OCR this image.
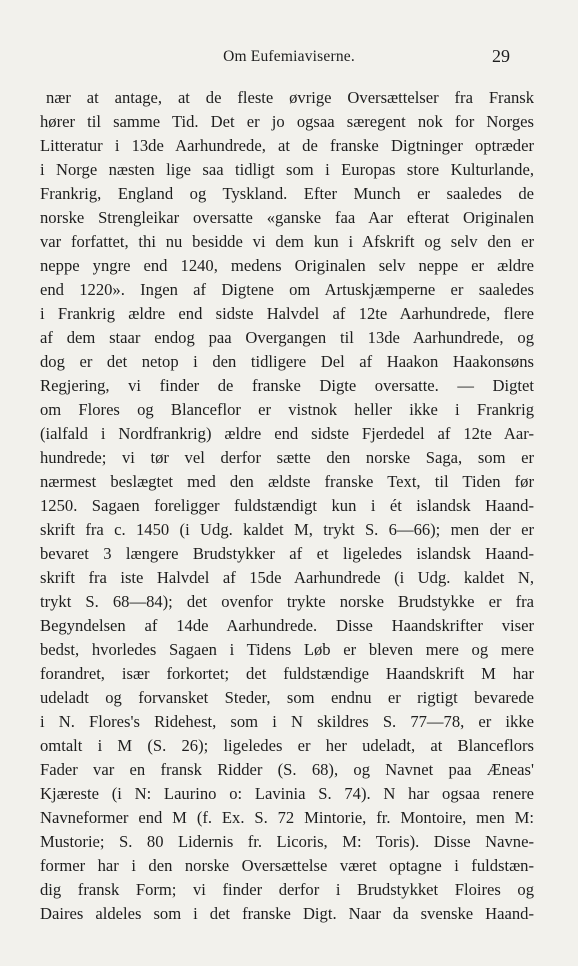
Om Eufemiaviserne.	29
nær at antage, at de fleste øvrige Oversættelser fra Fransk
hører til samme Tid. Det er jo ogsaa særegent nok for Norges
Litteratur i 13de Aarhundrede, at de franske Digtninger optræder
i Norge næsten lige saa tidligt som i Europas store Kulturlande,
Frankrig, England og Tyskland. Efter Munch er saaledes de
norske Strengleikar oversatte «ganske faa Aar efterat Originalen
var forfattet, thi nu besidde vi dem kun i Afskrift og selv den er
neppe yngre end 1240, medens Originalen selv neppe er ældre
end 1220». Ingen af Digtene om Artuskjæmperne er saaledes
i Frankrig ældre end sidste Halvdel af 12te Aarhundrede, flere
af dem staar endog paa Overgangen til 13de Aarhundrede, og
dog er det netop i den tidligere Del af Haakon Haakonsøns
Regjering, vi finder de franske Digte oversatte. — Digtet
om Flores og Blanceflor er vistnok heller ikke i Frankrig
(ialfald i Nordfrankrig) ældre end sidste Fjerdedel af 12te Aar-
hundrede; vi tør vel derfor sætte den norske Saga, som er
nærmest beslægtet med den ældste franske Text, til Tiden før
1250. Sagaen foreligger fuldstændigt kun i ét islandsk Haand-
skrift fra c. 1450 (i Udg. kaldet M, trykt S. 6—66); men der er
bevaret 3 længere Brudstykker af et ligeledes islandsk Haand-
skrift fra iste Halvdel af 15de Aarhundrede (i Udg. kaldet N,
trykt S. 68—84); det ovenfor trykte norske Brudstykke er fra
Begyndelsen af 14de Aarhundrede. Disse Haandskrifter viser
bedst, hvorledes Sagaen i Tidens Løb er bleven mere og mere
forandret, især forkortet; det fuldstændige Haandskrift M har
udeladt og forvansket Steder, som endnu er rigtigt bevarede
i N. Flores's Ridehest, som i N skildres S. 77—78, er ikke
omtalt i M (S. 26); ligeledes er her udeladt, at Blanceflors
Fader var en fransk Ridder (S. 68), og Navnet paa Æneas'
Kjæreste (i N: Laurino o: Lavinia S. 74). N har ogsaa renere
Navneformer end M (f. Ex. S. 72 Mintorie, fr. Montoire, men M:
Mustorie; S. 80 Lidernis fr. Licoris, M: Toris). Disse Navne-
former har i den norske Oversættelse været optagne i fuldstæn-
dig fransk Form; vi finder derfor i Brudstykket Floires og
Daires aldeles som i det franske Digt. Naar da svenske Haand-
